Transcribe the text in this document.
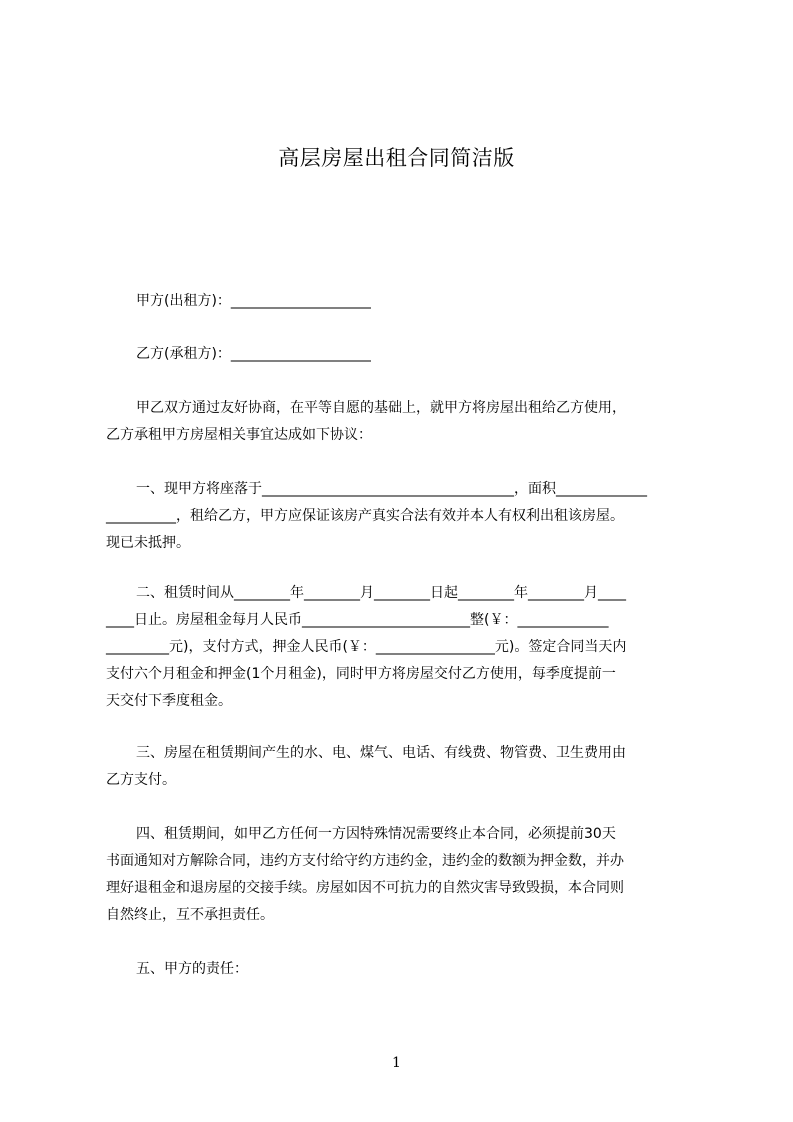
高层房屋出租合同简洁版
甲方(出租方)：____________________
乙方(承租方)：____________________
甲乙双方通过友好协商，在平等自愿的基础上，就甲方将房屋出租给乙方使用，
乙方承租甲方房屋相关事宜达成如下协议：
一、现甲方将座落于____________________________________，面积_____________
__________，租给乙方，甲方应保证该房产真实合法有效并本人有权利出租该房屋。
现已未抵押。
二、租赁时间从________年________月________日起________年________月____
____日止。房屋租金每月人民币________________________整(￥：_____________
_________元)，支付方式，押金人民币(￥：_________________元)。签定合同当天内
支付六个月租金和押金(1个月租金)，同时甲方将房屋交付乙方使用，每季度提前一
天交付下季度租金。
三、房屋在租赁期间产生的水、电、煤气、电话、有线费、物管费、卫生费用由
乙方支付。
四、租赁期间，如甲乙方任何一方因特殊情况需要终止本合同，必须提前30天
书面通知对方解除合同，违约方支付给守约方违约金，违约金的数额为押金数，并办
理好退租金和退房屋的交接手续。房屋如因不可抗力的自然灾害导致毁损，本合同则
自然终止，互不承担责任。
五、甲方的责任：
1
